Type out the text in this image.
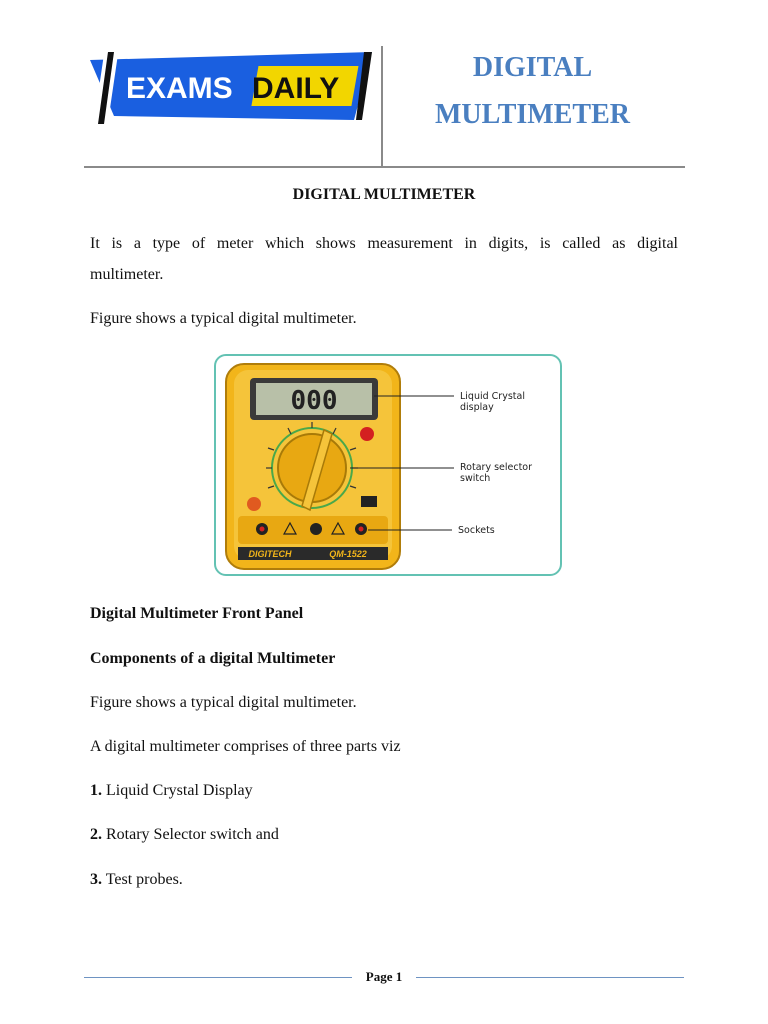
EXAMS DAILY
DIGITAL
MULTIMETER
DIGITAL MULTIMETER
It is a type of meter which shows measurement in digits, is called as digital
multimeter.
Figure shows a typical digital multimeter.
000
DIGITECH	QM-1522
Liquid Crystal
display
Rotary selector
switch
Sockets
Digital Multimeter Front Panel
Components of a digital Multimeter
Figure shows a typical digital multimeter.
A digital multimeter comprises of three parts viz
1. Liquid Crystal Display
2. Rotary Selector switch and
3. Test probes.
Page 1
